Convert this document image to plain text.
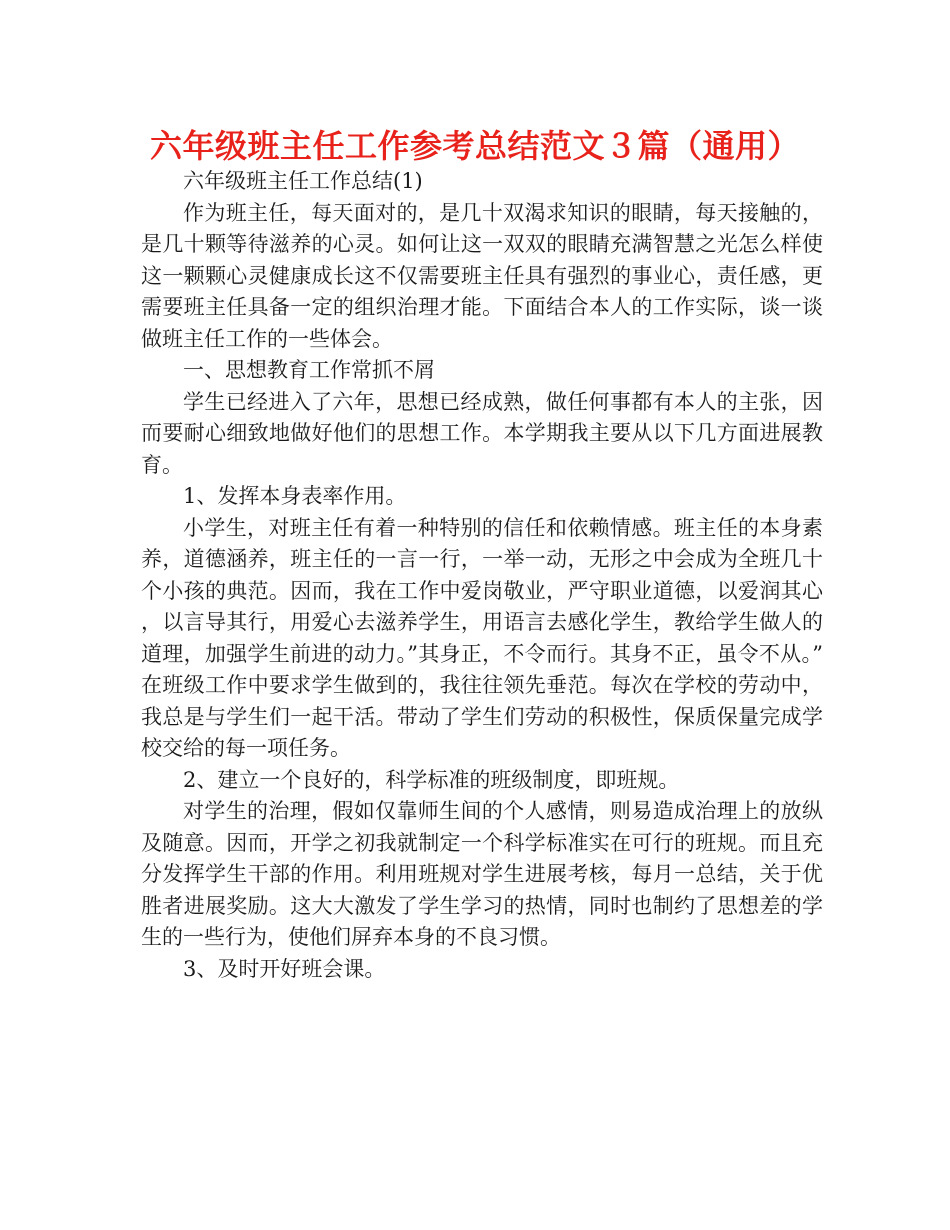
六年级班主任工作参考总结范文３篇（通用）

六年级班主任工作总结(1)

作为班主任，每天面对的，是几十双渴求知识的眼睛，每天接触的，是几十颗等待滋养的心灵。如何让这一双双的眼睛充满智慧之光怎么样使这一颗颗心灵健康成长这不仅需要班主任具有强烈的事业心，责任感，更需要班主任具备一定的组织治理才能。下面结合本人的工作实际，谈一谈做班主任工作的一些体会。

一、思想教育工作常抓不屑

学生已经进入了六年，思想已经成熟，做任何事都有本人的主张，因而要耐心细致地做好他们的思想工作。本学期我主要从以下几方面进展教育。

1、发挥本身表率作用。

小学生，对班主任有着一种特别的信任和依赖情感。班主任的本身素养，道德涵养，班主任的一言一行，一举一动，无形之中会成为全班几十个小孩的典范。因而，我在工作中爱岗敬业，严守职业道德，以爱润其心，以言导其行，用爱心去滋养学生，用语言去感化学生，教给学生做人的道理，加强学生前进的动力。”其身正，不令而行。其身不正，虽令不从。”在班级工作中要求学生做到的，我往往领先垂范。每次在学校的劳动中，我总是与学生们一起干活。带动了学生们劳动的积极性，保质保量完成学校交给的每一项任务。

2、建立一个良好的，科学标准的班级制度，即班规。

对学生的治理，假如仅靠师生间的个人感情，则易造成治理上的放纵及随意。因而，开学之初我就制定一个科学标准实在可行的班规。而且充分发挥学生干部的作用。利用班规对学生进展考核，每月一总结，关于优胜者进展奖励。这大大激发了学生学习的热情，同时也制约了思想差的学生的一些行为，使他们屏弃本身的不良习惯。

3、及时开好班会课。
